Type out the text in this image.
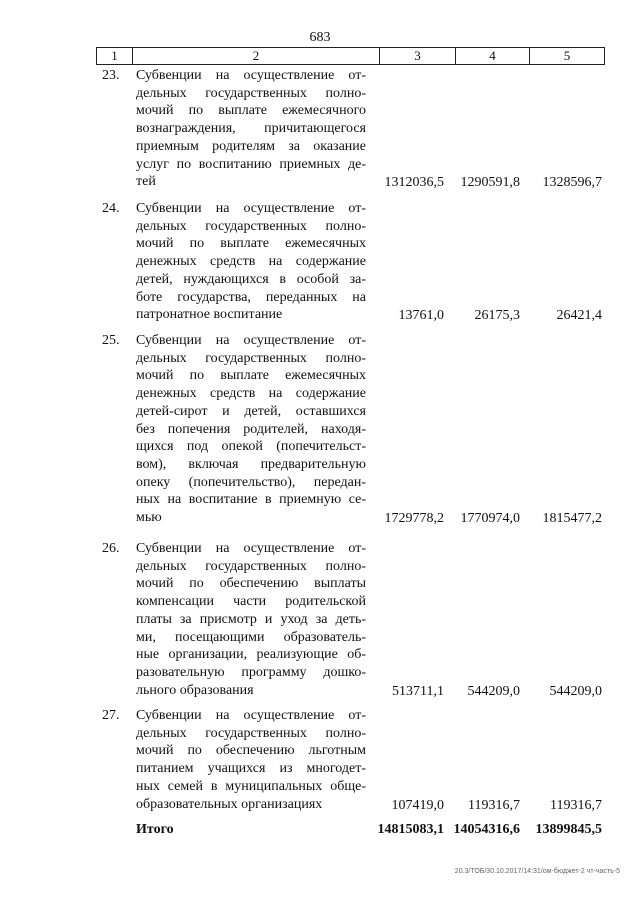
683
1	2	3	4	5
23. Субвенции на осуществление от-
дельных государственных полно-
мочий по выплате ежемесячного
вознаграждения, причитающегося
приемным родителям за оказание
услуг по воспитанию приемных де-
тей	1312036,5 1290591,8 1328596,7
24. Субвенции на осуществление от-
дельных государственных полно-
мочий по выплате ежемесячных
денежных средств на содержание
детей, нуждающихся в особой за-
боте государства, переданных на
патронатное воспитание	13761,0 26175,3	26421,4
25. Субвенции на осуществление от-
дельных государственных полно-
мочий по выплате ежемесячных
денежных средств на содержание
детей-сирот и детей, оставшихся
без попечения родителей, находя-
щихся под опекой (попечительст-
вом), включая предварительную
опеку (попечительство), передан-
ных на воспитание в приемную се-
мью	1729778,2 1770974,0 1815477,2
26. Субвенции на осуществление от-
дельных государственных полно-
мочий по обеспечению выплаты
компенсации части родительской
платы за присмотр и уход за деть-
ми, посещающими образователь-
ные организации, реализующие об-
разовательную программу дошко-
льного образования	513711,1 544209,0 544209,0
27. Субвенции на осуществление от-
дельных государственных полно-
мочий по обеспечению льготным
питанием учащихся из многодет-
ных семей в муниципальных обще-
образовательных организациях	107419,0 119316,7 119316,7
Итого	14815083,1 14054316,6 13899845,5
20.3/ТОБ/30.10.2017/14:31/ом-бюджет-2 чт-часть-5
